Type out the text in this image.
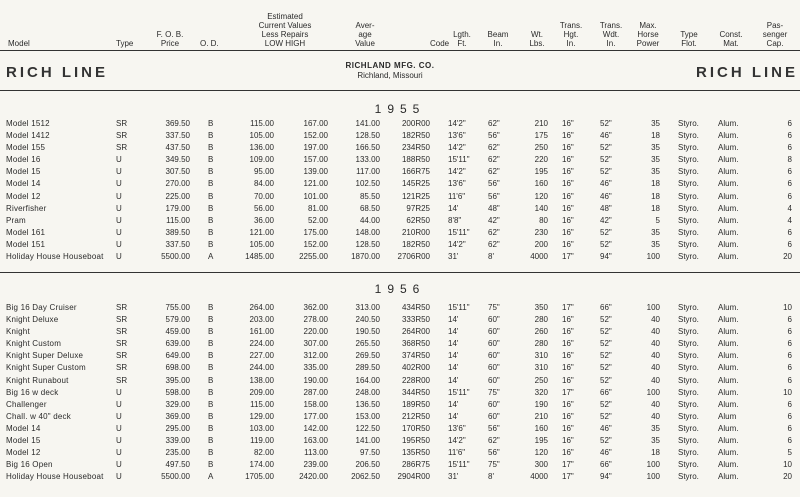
Model	Type
F. O. B.
Price	O. D.
Estimated
Current Values
Less Repairs
LOW HIGH
Aver-
age
Value	Code
Lgth.
Ft.
Beam
In.
Wt.
Lbs.
Trans.
Hgt.
In.
Trans.
Wdt.
In.
Max.
Horse
Power
Type
Flot.
Const.
Mat.
Pas-
senger
Cap.
RICH LINE	RICHLAND MFG. CO.
Richland, Missouri	RICH LINE
1955
Model 1512	SR	369.50 B	115.00	167.00	141.00	200R00 14'2"	62"	210 16"	52"	35 Styro. Alum.	6
Model 1412	SR	337.50 B	105.00	152.00	128.50	182R50 13'6"	56"	175 16"	46"	18 Styro. Alum.	6
Model 155	SR	437.50 B	136.00	197.00	166.50	234R50 14'2"	62"	250 16"	52"	35 Styro. Alum.	6
Model 16	U	349.50 B	109.00	157.00	133.00	188R50 15'11" 62"	220 16"	52"	35 Styro. Alum.	8
Model 15	U	307.50 B	95.00	139.00	117.00	166R75 14'2"	62"	195 16"	52"	35 Styro. Alum.	6
Model 14	U	270.00 B	84.00	121.00	102.50	145R25 13'6"	56"	160 16"	46"	18 Styro. Alum.	6
Model 12	U	225.00 B	70.00	101.00	85.50	121R25 11'6"	56"	120 16"	46"	18 Styro. Alum.	6
Riverfisher	U	179.00 B	56.00	81.00	68.50	97R25 14'	48"	140 16"	48"	18 Styro. Alum.	4
Pram	U	115.00 B	36.00	52.00	44.00	62R50 8'8"	42"	80 16"	42"	5 Styro. Alum.	4
Model 161	U	389.50 B	121.00	175.00	148.00	210R00 15'11" 62"	230 16"	52"	35 Styro. Alum.	6
Model 151	U	337.50 B	105.00	152.00	128.50	182R50 14'2"	62"	200 16"	52"	35 Styro. Alum.	6
Holiday House Houseboat U	5500.00 A	1485.00	2255.00	1870.00	2706R00 31'	8'	4000 17"	94"	100 Styro. Alum.	20
1956
Big 16 Day Cruiser	SR	755.00 B	264.00	362.00	313.00	434R50 15'11" 75"	350 17"	66"	100 Styro. Alum.	10
Knight Deluxe	SR	579.00 B	203.00	278.00	240.50	333R50 14'	60"	280 16"	52"	40 Styro. Alum.	6
Knight	SR	459.00 B	161.00	220.00	190.50	264R00 14'	60"	260 16"	52"	40 Styro. Alum.	6
Knight Custom	SR	639.00 B	224.00	307.00	265.50	368R50 14'	60"	280 16"	52"	40 Styro. Alum.	6
Knight Super Deluxe	SR	649.00 B	227.00	312.00	269.50	374R50 14'	60"	310 16"	52"	40 Styro. Alum.	6
Knight Super Custom	SR	698.00 B	244.00	335.00	289.50	402R00 14'	60"	310 16"	52"	40 Styro. Alum.	6
Knight Runabout	SR	395.00 B	138.00	190.00	164.00	228R00 14'	60"	250 16"	52"	40 Styro. Alum.	6
Big 16 w deck	U	598.00 B	209.00	287.00	248.00	344R50 15'11" 75"	320 17"	66"	100 Styro. Alum.	10
Challenger	U	329.00 B	115.00	158.00	136.50	189R50 14'	60"	190 16"	52"	40 Styro. Alum.	6
Chall. w 40" deck	U	369.00 B	129.00	177.00	153.00	212R50 14'	60"	210 16"	52"	40 Styro. Alum	6
Model 14	U	295.00 B	103.00	142.00	122.50	170R50 13'6"	56"	160 16"	46"	35 Styro. Alum.	6
Model 15	U	339.00 B	119.00	163.00	141.00	195R50 14'2"	62"	195 16"	52"	35 Styro. Alum.	6
Model 12	U	235.00 B	82.00	113.00	97.50	135R50 11'6"	56"	120 16"	46"	18 Styro. Alum.	5
Big 16 Open	U	497.50 B	174.00	239.00	206.50	286R75 15'11" 75"	300 17"	66"	100 Styro. Alum.	10
Holiday House Houseboat U	5500.00 A	1705.00	2420.00	2062.50	2904R00 31'	8'	4000 17"	94"	100 Styro. Alum.	20
